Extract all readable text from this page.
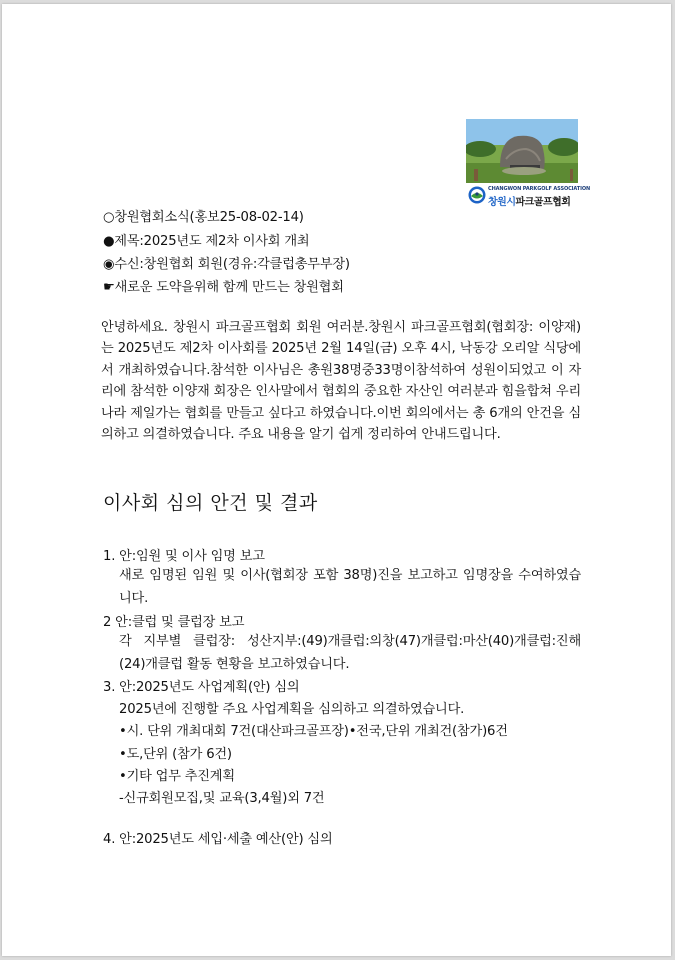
CHANGWON PARKGOLF ASSOCIATION
창원시파크골프협회
○창원협회소식(홍보25-08-02-14)
●제목:2025년도 제2차 이사회 개최
◉수신:창원협회 회원(경유:각클럽총무부장)
☛새로운 도약을위해 함께 만드는 창원협회
안녕하세요. 창원시 파크골프협회 회원 여러분.창원시 파크골프협회(협회장: 이양재)는 2025년도 제2차 이사회를 2025년 2월 14일(금) 오후 4시, 낙동강 오리알 식당에서 개최하였습니다.참석한 이사님은 총원38명중33명이참석하여 성원이되었고 이 자리에 참석한 이양재 회장은 인사말에서 협회의 중요한 자산인 여러분과 힘을합쳐 우리나라 제일가는 협회를 만들고 싶다고 하였습니다.이번 회의에서는 총 6개의 안건을 심의하고 의결하였습니다. 주요 내용을 알기 쉽게 정리하여 안내드립니다.
이사회 심의 안건 및 결과
1. 안:임원 및 이사 임명 보고
새로 임명된 임원 및 이사(협회장 포함 38명)진을 보고하고 임명장을 수여하였습니다.
2 안:클럽 및 클럽장 보고
각 지부별 클럽장: 성산지부:(49)개클럽:의창(47)개클럽:마산(40)개클럽:진해(24)개클럽 활동 현황을 보고하였습니다.
3. 안:2025년도 사업계획(안) 심의
2025년에 진행할 주요 사업계획을 심의하고 의결하였습니다.
•시. 단위 개최대회 7건(대산파크골프장)•전국,단위 개최건(참가)6건
•도,단위 (참가 6건)
•기타 업무 추진계획
-신규회원모집,및 교육(3,4월)외 7건
4. 안:2025년도 세입·세출 예산(안) 심의
